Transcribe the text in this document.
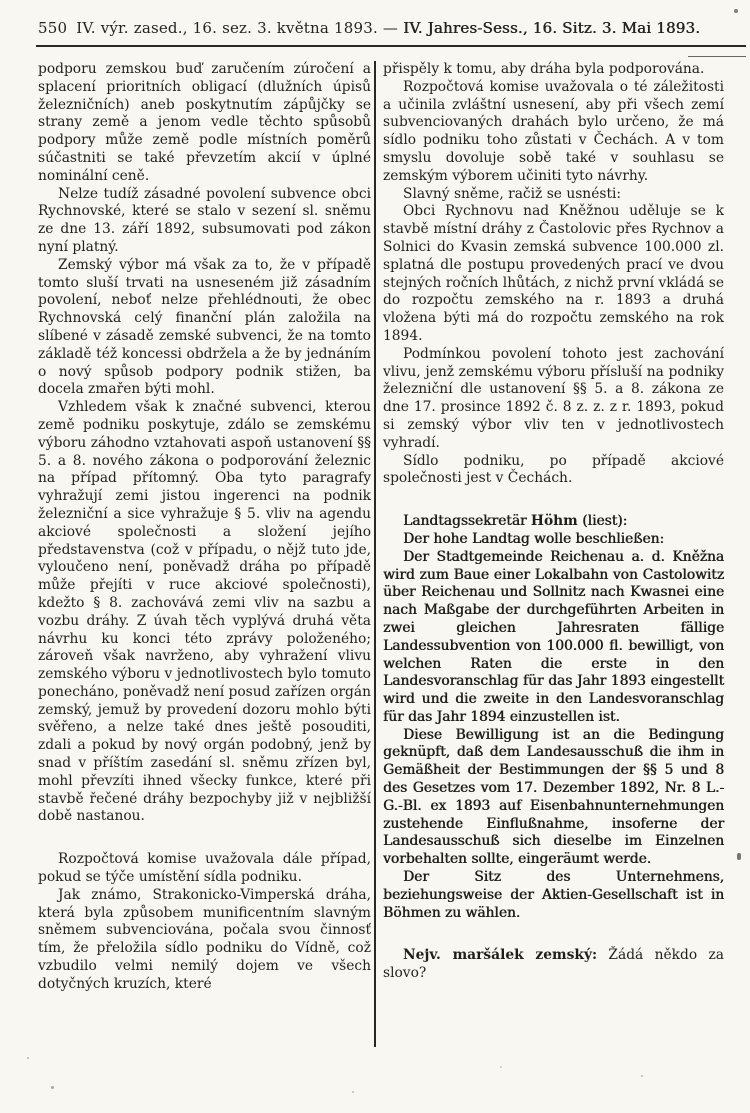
550 IV. výr. zased., 16. sez. 3. května 1893. — IV. Jahres-Sess., 16. Sitz. 3. Mai 1893.

podporu zemskou buď zaručením zúročení a splacení prioritních obligací (dlužních úpisů železničních) aneb poskytnutím zápůjčky se strany země a jenom vedle těchto spůsobů podpory může země podle místních poměrů súčastniti se také převzetím akcií v úplné nominální ceně.

Nelze tudíž zásadné povolení subvence obci Rychnovské, které se stalo v sezení sl. sněmu ze dne 13. září 1892, subsumovati pod zákon nyní platný.

Zemský výbor má však za to, že v případě tomto sluší trvati na usneseném již zásadním povolení, neboť nelze přehlédnouti, že obec Rychnovská celý finanční plán založila na slíbené v zásadě zemské subvenci, že na tomto základě též koncessi obdržela a že by jednáním o nový spůsob podpory podnik stižen, ba docela zmařen býti mohl.

Vzhledem však k značné subvenci, kterou země podniku poskytuje, zdálo se zemskému výboru záhodno vztahovati aspoň ustanovení §§ 5. a 8. nového zákona o podporování železnic na případ přítomný. Oba tyto paragrafy vyhražují zemi jistou ingerenci na podnik železniční a sice vyhražuje § 5. vliv na agendu akciové společnosti a složení jejího představenstva (což v případu, o nějž tuto jde, vyloučeno není, poněvadž dráha po případě může přejíti v ruce akciové společnosti), kdežto § 8. zachovává zemi vliv na sazbu a vozbu dráhy. Z úvah těch vyplývá druhá věta návrhu ku konci této zprávy položeného; zároveň však navrženo, aby vyhražení vlivu zemského výboru v jednotlivostech bylo tomuto ponecháno, poněvadž není posud zařízen orgán zemský, jemuž by provedení dozoru mohlo býti svěřeno, a nelze také dnes ještě posouditi, zdali a pokud by nový orgán podobný, jenž by snad v příštím zasedání sl. sněmu zřízen byl, mohl převzíti ihned všecky funkce, které při stavbě řečené dráhy bezpochyby již v nejbližší době nastanou.

Rozpočtová komise uvažovala dále případ, pokud se týče umístění sídla podniku.

Jak známo, Strakonicko-Vimperská dráha, která byla způsobem munificentním slavným sněmem subvenciována, počala svou činnosť tím, že přeložila sídlo podniku do Vídně, což vzbudilo velmi nemilý dojem ve všech dotyčných kruzích, které

přispěly k tomu, aby dráha byla podporována.

Rozpočtová komise uvažovala o té záležitosti a učinila zvláštní usnesení, aby při všech zemí subvenciovaných drahách bylo určeno, že má sídlo podniku toho zůstati v Čechách. A v tom smyslu dovoluje sobě také v souhlasu se zemským výborem učiniti tyto návrhy.

Slavný sněme, račiž se usnésti:

Obci Rychnovu nad Kněžnou uděluje se k stavbě místní dráhy z Častolovic přes Rychnov a Solnici do Kvasin zemská subvence 100.000 zl. splatná dle postupu provedených prací ve dvou stejných ročních lhůtách, z nichž první vkládá se do rozpočtu zemského na r. 1893 a druhá vložena býti má do rozpočtu zemského na rok 1894.

Podmínkou povolení tohoto jest zachování vlivu, jenž zemskému výboru přísluší na podniky železniční dle ustanovení §§ 5. a 8. zákona ze dne 17. prosince 1892 č. 8 z. z. z r. 1893, pokud si zemský výbor vliv ten v jednotlivostech vyhradí.

Sídlo podniku, po případě akciové společnosti jest v Čechách.

Landtagssekretär Höhm (liest):

Der hohe Landtag wolle beschließen:

Der Stadtgemeinde Reichenau a. d. Kněžna wird zum Baue einer Lokalbahn von Castolowitz über Reichenau und Sollnitz nach Kwasnei eine nach Maßgabe der durchgeführten Arbeiten in zwei gleichen Jahresraten fällige Landessubvention von 100.000 fl. bewilligt, von welchen Raten die erste in den Landesvoranschlag für das Jahr 1893 eingestellt wird und die zweite in den Landesvoranschlag für das Jahr 1894 einzustellen ist.

Diese Bewilligung ist an die Bedingung geknüpft, daß dem Landesausschuß die ihm in Gemäßheit der Bestimmungen der §§ 5 und 8 des Gesetzes vom 17. Dezember 1892, Nr. 8 L.-G.-Bl. ex 1893 auf Eisenbahnunternehmungen zustehende Einflußnahme, insoferne der Landesausschuß sich dieselbe im Einzelnen vorbehalten sollte, eingeräumt werde.

Der Sitz des Unternehmens, beziehungsweise der Aktien-Gesellschaft ist in Böhmen zu wählen.

Nejv. maršálek zemský: Žádá někdo za slovo?
